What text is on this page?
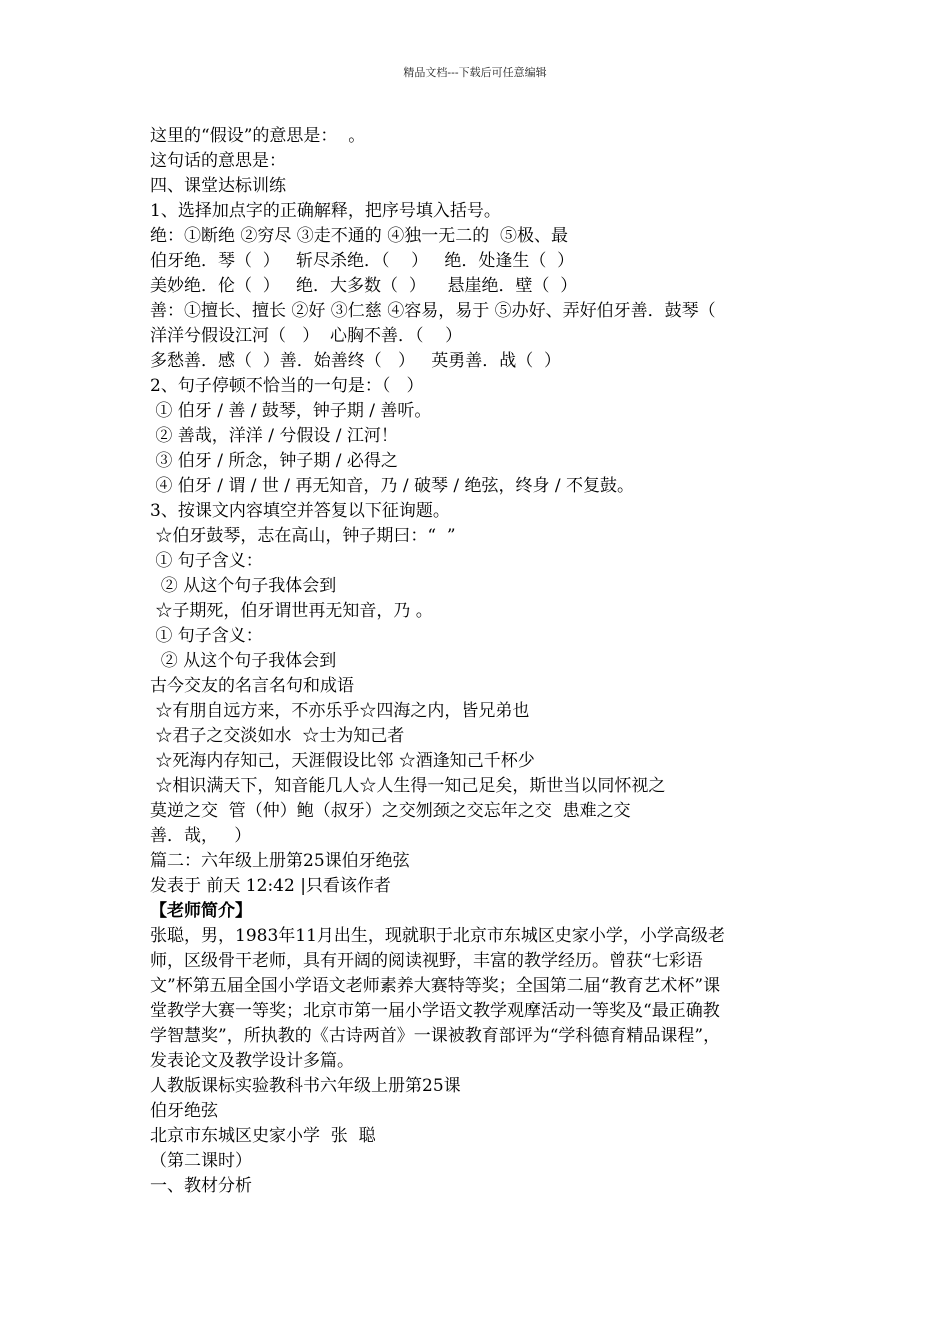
精品文档---下载后可任意编辑
这里的“假设”的意思是：  。
这句话的意思是：
四、课堂达标训练
1、选择加点字的正确解释，把序号填入括号。
绝：①断绝 ②穷尽 ③走不通的 ④独一无二的  ⑤极、最
伯牙绝．琴（  ）   斩尽杀绝．（    ）   绝．处逢生（  ）
美妙绝．伦（  ）   绝．大多数（  ）    悬崖绝．壁（  ）
善：①擅长、擅长 ②好 ③仁慈 ④容易，易于 ⑤办好、弄好伯牙善．鼓琴（
洋洋兮假设江河（   ）  心胸不善．（    ）
多愁善．感（  ）善．始善终（   ）   英勇善．战（  ）
2、句子停顿不恰当的一句是：（   ）
① 伯牙 / 善 / 鼓琴，钟子期 / 善听。
② 善哉，洋洋 / 兮假设 / 江河！
③ 伯牙 / 所念，钟子期 / 必得之
④ 伯牙 / 谓 / 世 / 再无知音，乃 / 破琴 / 绝弦，终身 / 不复鼓。
3、按课文内容填空并答复以下征询题。
☆伯牙鼓琴，志在高山，钟子期曰：“  ”
① 句子含义：
② 从这个句子我体会到
☆子期死，伯牙谓世再无知音，乃 。
① 句子含义：
② 从这个句子我体会到
古今交友的名言名句和成语
☆有朋自远方来，不亦乐乎☆四海之内，皆兄弟也
☆君子之交淡如水  ☆士为知己者
☆死海内存知己，天涯假设比邻 ☆酒逢知己千杯少
☆相识满天下，知音能几人☆人生得一知己足矣，斯世当以同怀视之
莫逆之交  管（仲）鲍（叔牙）之交刎颈之交忘年之交  患难之交
善．哉，   ）
篇二：六年级上册第25课伯牙绝弦
发表于 前天 12:42 |只看该作者
【老师简介】
张聪，男，1983年11月出生，现就职于北京市东城区史家小学，小学高级老
师，区级骨干老师，具有开阔的阅读视野，丰富的教学经历。曾获“七彩语
文”杯第五届全国小学语文老师素养大赛特等奖；全国第二届“教育艺术杯”课
堂教学大赛一等奖；北京市第一届小学语文教学观摩活动一等奖及“最正确教
学智慧奖”，所执教的《古诗两首》一课被教育部评为“学科德育精品课程”，
发表论文及教学设计多篇。
人教版课标实验教科书六年级上册第25课
伯牙绝弦
北京市东城区史家小学  张  聪
（第二课时）
一、教材分析
